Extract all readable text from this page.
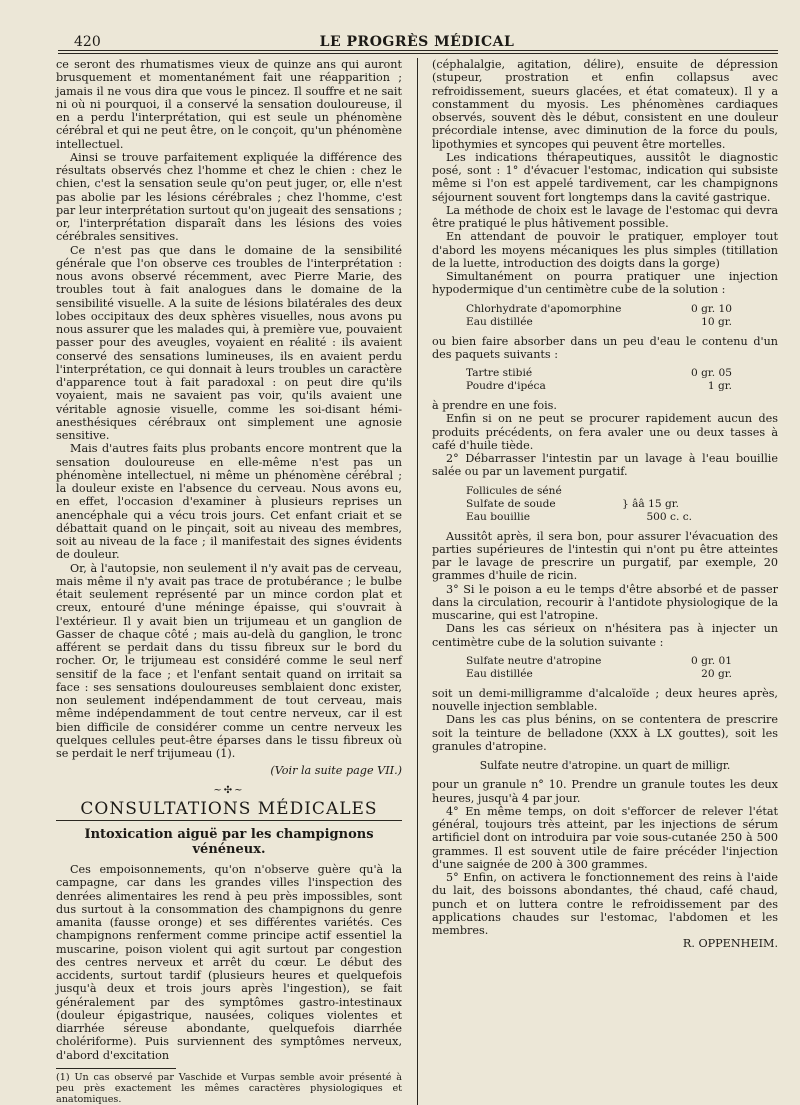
420	LE PROGRÈS MÉDICAL

ce seront des rhumatismes vieux de quinze ans qui auront brusquement et momentanément fait une réapparition ; jamais il ne vous dira que vous le pincez. Il souffre et ne sait ni où ni pourquoi, il a conservé la sensation douloureuse, il en a perdu l'interprétation, qui est seule un phénomène cérébral et qui ne peut être, on le conçoit, qu'un phénomène intellectuel.

Ainsi se trouve parfaitement expliquée la différence des résultats observés chez l'homme et chez le chien : chez le chien, c'est la sensation seule qu'on peut juger, or, elle n'est pas abolie par les lésions cérébrales ; chez l'homme, c'est par leur interprétation surtout qu'on jugeait des sensations ; or, l'interprétation disparaît dans les lésions des voies cérébrales sensitives.

Ce n'est pas que dans le domaine de la sensibilité générale que l'on observe ces troubles de l'interprétation : nous avons observé récemment, avec Pierre Marie, des troubles tout à fait analogues dans le domaine de la sensibilité visuelle. A la suite de lésions bilatérales des deux lobes occipitaux des deux sphères visuelles, nous avons pu nous assurer que les malades qui, à première vue, pouvaient passer pour des aveugles, voyaient en réalité : ils avaient conservé des sensations lumineuses, ils en avaient perdu l'interprétation, ce qui donnait à leurs troubles un caractère d'apparence tout à fait paradoxal : on peut dire qu'ils voyaient, mais ne savaient pas voir, qu'ils avaient une véritable agnosie visuelle, comme les soi-disant hémi-anesthésiques cérébraux ont simplement une agnosie sensitive.

Mais d'autres faits plus probants encore montrent que la sensation douloureuse en elle-même n'est pas un phénomène intellectuel, ni même un phénomène cérébral ; la douleur existe en l'absence du cerveau. Nous avons eu, en effet, l'occasion d'examiner à plusieurs reprises un anencéphale qui a vécu trois jours. Cet enfant criait et se débattait quand on le pinçait, soit au niveau des membres, soit au niveau de la face ; il manifestait des signes évidents de douleur.

Or, à l'autopsie, non seulement il n'y avait pas de cerveau, mais même il n'y avait pas trace de protubérance ; le bulbe était seulement représenté par un mince cordon plat et creux, entouré d'une méninge épaisse, qui s'ouvrait à l'extérieur. Il y avait bien un trijumeau et un ganglion de Gasser de chaque côté ; mais au-delà du ganglion, le tronc afférent se perdait dans du tissu fibreux sur le bord du rocher. Or, le trijumeau est considéré comme le seul nerf sensitif de la face ; et l'enfant sentait quand on irritait sa face : ses sensations douloureuses semblaient donc exister, non seulement indépendamment de tout cerveau, mais même indépendamment de tout centre nerveux, car il est bien difficile de considérer comme un centre nerveux les quelques cellules peut-être éparses dans le tissu fibreux où se perdait le nerf trijumeau (1).

(Voir la suite page VII.)
~✣~
CONSULTATIONS MÉDICALES
Intoxication aiguë par les champignons vénéneux.

Ces empoisonnements, qu'on n'observe guère qu'à la campagne, car dans les grandes villes l'inspection des denrées alimentaires les rend à peu près impossibles, sont dus surtout à la consommation des champignons du genre amanita (fausse oronge) et ses différentes variétés. Ces champignons renferment comme principe actif essentiel la muscarine, poison violent qui agit surtout par congestion des centres nerveux et arrêt du cœur. Le début des accidents, surtout tardif (plusieurs heures et quelquefois jusqu'à deux et trois jours après l'ingestion), se fait généralement par des symptômes gastro-intestinaux (douleur épigastrique, nausées, coliques violentes et diarrhée séreuse abondante, quelquefois diarrhée cholériforme). Puis surviennent des symptômes nerveux, d'abord d'excitation

(1) Un cas observé par Vaschide et Vurpas semble avoir présenté à peu près exactement les mêmes caractères physiologiques et anatomiques.

(céphalalgie, agitation, délire), ensuite de dépression (stupeur, prostration et enfin collapsus avec refroidissement, sueurs glacées, et état comateux). Il y a constamment du myosis. Les phénomènes cardiaques observés, souvent dès le début, consistent en une douleur précordiale intense, avec diminution de la force du pouls, lipothymies et syncopes qui peuvent être mortelles.

Les indications thérapeutiques, aussitôt le diagnostic posé, sont : 1° d'évacuer l'estomac, indication qui subsiste même si l'on est appelé tardivement, car les champignons séjournent souvent fort longtemps dans la cavité gastrique.

La méthode de choix est le lavage de l'estomac qui devra être pratiqué le plus hâtivement possible.

En attendant de pouvoir le pratiquer, employer tout d'abord les moyens mécaniques les plus simples (titillation de la luette, introduction des doigts dans la gorge)

Simultanément on pourra pratiquer une injection hypodermique d'un centimètre cube de la solution :

Chlorhydrate d'apomorphine	0 gr. 10
Eau distillée	10 gr.

ou bien faire absorber dans un peu d'eau le contenu d'un des paquets suivants :

Tartre stibié	0 gr. 05
Poudre d'ipéca	1 gr.

à prendre en une fois.

Enfin si on ne peut se procurer rapidement aucun des produits précédents, on fera avaler une ou deux tasses à café d'huile tiède.

2° Débarrasser l'intestin par un lavage à l'eau bouillie salée ou par un lavement purgatif.

Follicules de séné
Sulfate de soude	} ââ 15 gr.
Eau bouillie	500 c. c.

Aussitôt après, il sera bon, pour assurer l'évacuation des parties supérieures de l'intestin qui n'ont pu être atteintes par le lavage de prescrire un purgatif, par exemple, 20 grammes d'huile de ricin.

3° Si le poison a eu le temps d'être absorbé et de passer dans la circulation, recourir à l'antidote physiologique de la muscarine, qui est l'atropine.

Dans les cas sérieux on n'hésitera pas à injecter un centimètre cube de la solution suivante :

Sulfate neutre d'atropine	0 gr. 01
Eau distillée	20 gr.

soit un demi-milligramme d'alcaloïde ; deux heures après, nouvelle injection semblable.

Dans les cas plus bénins, on se contentera de prescrire soit la teinture de belladone (XXX à LX gouttes), soit les granules d'atropine.

Sulfate neutre d'atropine. un quart de milligr.

pour un granule n° 10. Prendre un granule toutes les deux heures, jusqu'à 4 par jour.

4° En même temps, on doit s'efforcer de relever l'état général, toujours très atteint, par les injections de sérum artificiel dont on introduira par voie sous-cutanée 250 à 500 grammes. Il est souvent utile de faire précéder l'injection d'une saignée de 200 à 300 grammes.

5° Enfin, on activera le fonctionnement des reins à l'aide du lait, des boissons abondantes, thé chaud, café chaud, punch et on luttera contre le refroidissement par des applications chaudes sur l'estomac, l'abdomen et les membres.

R. OPPENHEIM.
